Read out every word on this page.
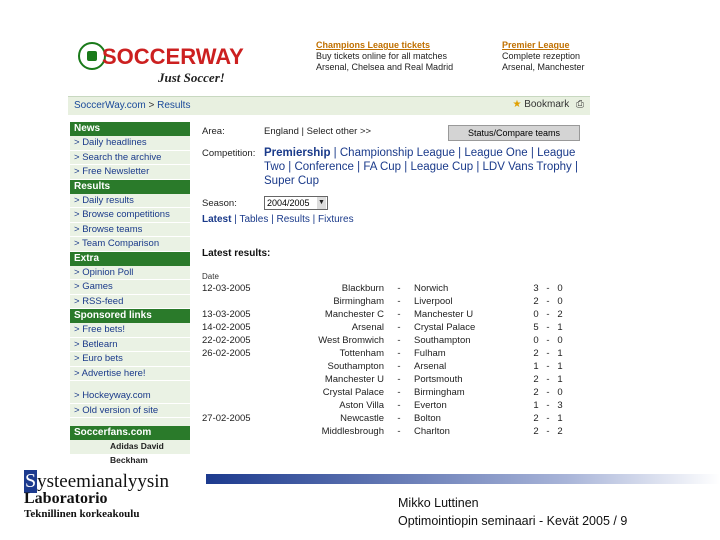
SOCCERWAY
Just Soccer!
Champions League tickets
Buy tickets online for all matches
Arsenal, Chelsea and Real Madrid
Premier League
Complete rezeption
Arsenal, Manchester
SoccerWay.com > Results	★ Bookmark ⎙
News
> Daily headlines
> Search the archive
> Free Newsletter
Results
> Daily results
> Browse competitions
> Browse teams
> Team Comparison
Extra
> Opinion Poll
> Games
> RSS-feed
Sponsored links
> Free bets!
> Betlearn
> Euro bets
> Advertise here!
> Hockeyway.com
> Old version of site
Soccerfans.com
Adidas David Beckham
Area:	England | Select other >>	Status/Compare teams
Competition: Premiership | Championship League | League One | League Two | Conference | FA Cup | League Cup | LDV Vans Trophy | Super Cup
Season:	2004/2005 ▼
Latest | Tables | Results | Fixtures
Latest results:
Date
12-03-2005	Blackburn	-	Norwich	3	-	0
	Birmingham	-	Liverpool	2	-	0
13-03-2005	Manchester C	-	Manchester U	0	-	2
14-02-2005	Arsenal	-	Crystal Palace	5	-	1
22-02-2005	West Bromwich	-	Southampton	0	-	0
26-02-2005	Tottenham	-	Fulham	2	-	1
	Southampton	-	Arsenal	1	-	1
	Manchester U	-	Portsmouth	2	-	1
	Crystal Palace	-	Birmingham	2	-	0
	Aston Villa	-	Everton	1	-	3
27-02-2005	Newcastle	-	Bolton	2	-	1
	Middlesbrough	-	Charlton	2	-	2
Systeemianalyysin
Laboratorio
Teknillinen korkeakoulu
Mikko Luttinen
Optimointiopin seminaari - Kevät 2005 / 9
